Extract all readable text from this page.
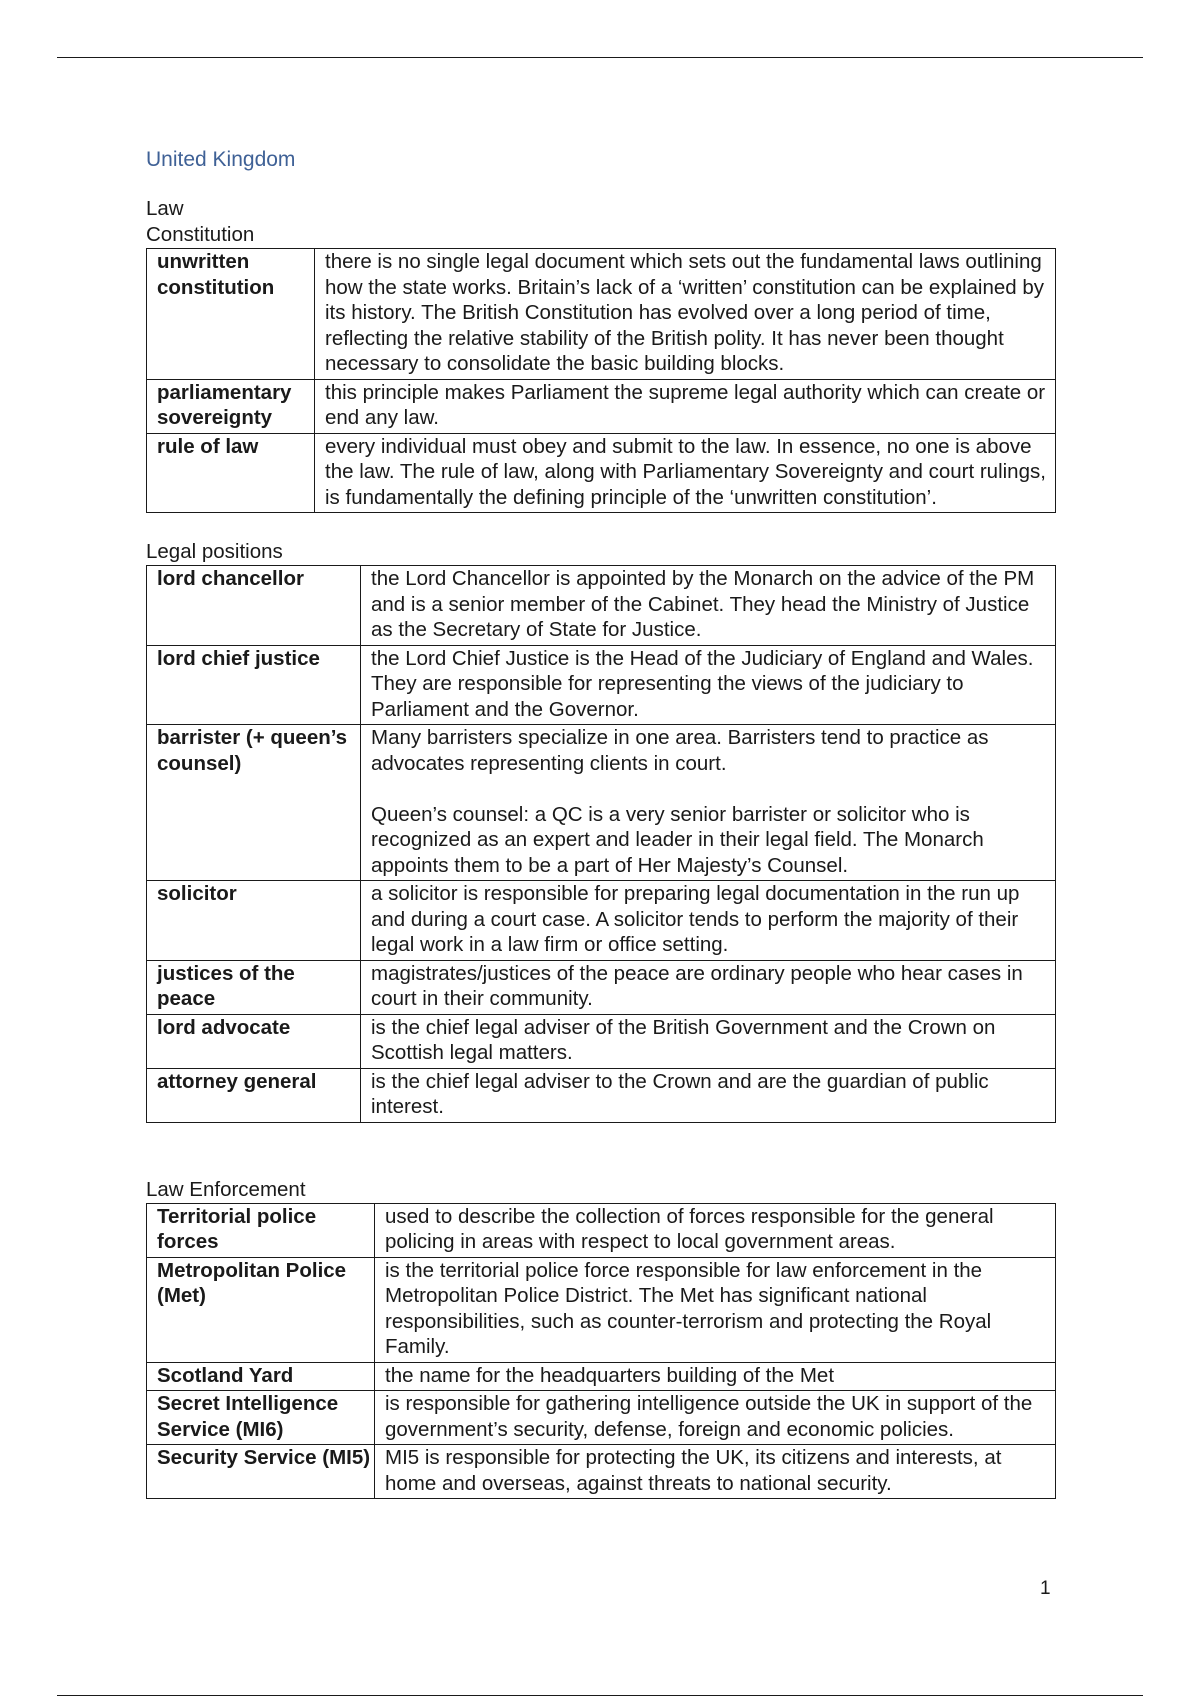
United Kingdom
Law
Constitution
unwritten constitution	there is no single legal document which sets out the fundamental laws outlining how the state works. Britain’s lack of a ‘written’ constitution can be explained by its history. The British Constitution has evolved over a long period of time, reflecting the relative stability of the British polity. It has never been thought necessary to consolidate the basic building blocks.

parliamentary sovereignty	this principle makes Parliament the supreme legal authority which can create or end any law.

rule of law	every individual must obey and submit to the law. In essence, no one is above the law. The rule of law, along with Parliamentary Sovereignty and court rulings, is fundamentally the defining principle of the ‘unwritten constitution’.
Legal positions
lord chancellor	the Lord Chancellor is appointed by the Monarch on the advice of the PM and is a senior member of the Cabinet. They head the Ministry of Justice as the Secretary of State for Justice.

lord chief justice	the Lord Chief Justice is the Head of the Judiciary of England and Wales. They are responsible for representing the views of the judiciary to Parliament and the Governor.

barrister (+ queen’s counsel)	Many barristers specialize in one area. Barristers tend to practice as advocates representing clients in court.
Queen’s counsel: a QC is a very senior barrister or solicitor who is recognized as an expert and leader in their legal field. The Monarch appoints them to be a part of Her Majesty’s Counsel.

solicitor	a solicitor is responsible for preparing legal documentation in the run up and during a court case. A solicitor tends to perform the majority of their legal work in a law firm or office setting.

justices of the peace	magistrates/justices of the peace are ordinary people who hear cases in court in their community.

lord advocate	is the chief legal adviser of the British Government and the Crown on Scottish legal matters.

attorney general	is the chief legal adviser to the Crown and are the guardian of public interest.
Law Enforcement
Territorial police forces	used to describe the collection of forces responsible for the general policing in areas with respect to local government areas.

Metropolitan Police (Met)	is the territorial police force responsible for law enforcement in the Metropolitan Police District. The Met has significant national responsibilities, such as counter-terrorism and protecting the Royal Family.

Scotland Yard	the name for the headquarters building of the Met

Secret Intelligence Service (MI6)	is responsible for gathering intelligence outside the UK in support of the government’s security, defense, foreign and economic policies.

Security Service (MI5)	MI5 is responsible for protecting the UK, its citizens and interests, at home and overseas, against threats to national security.
1
